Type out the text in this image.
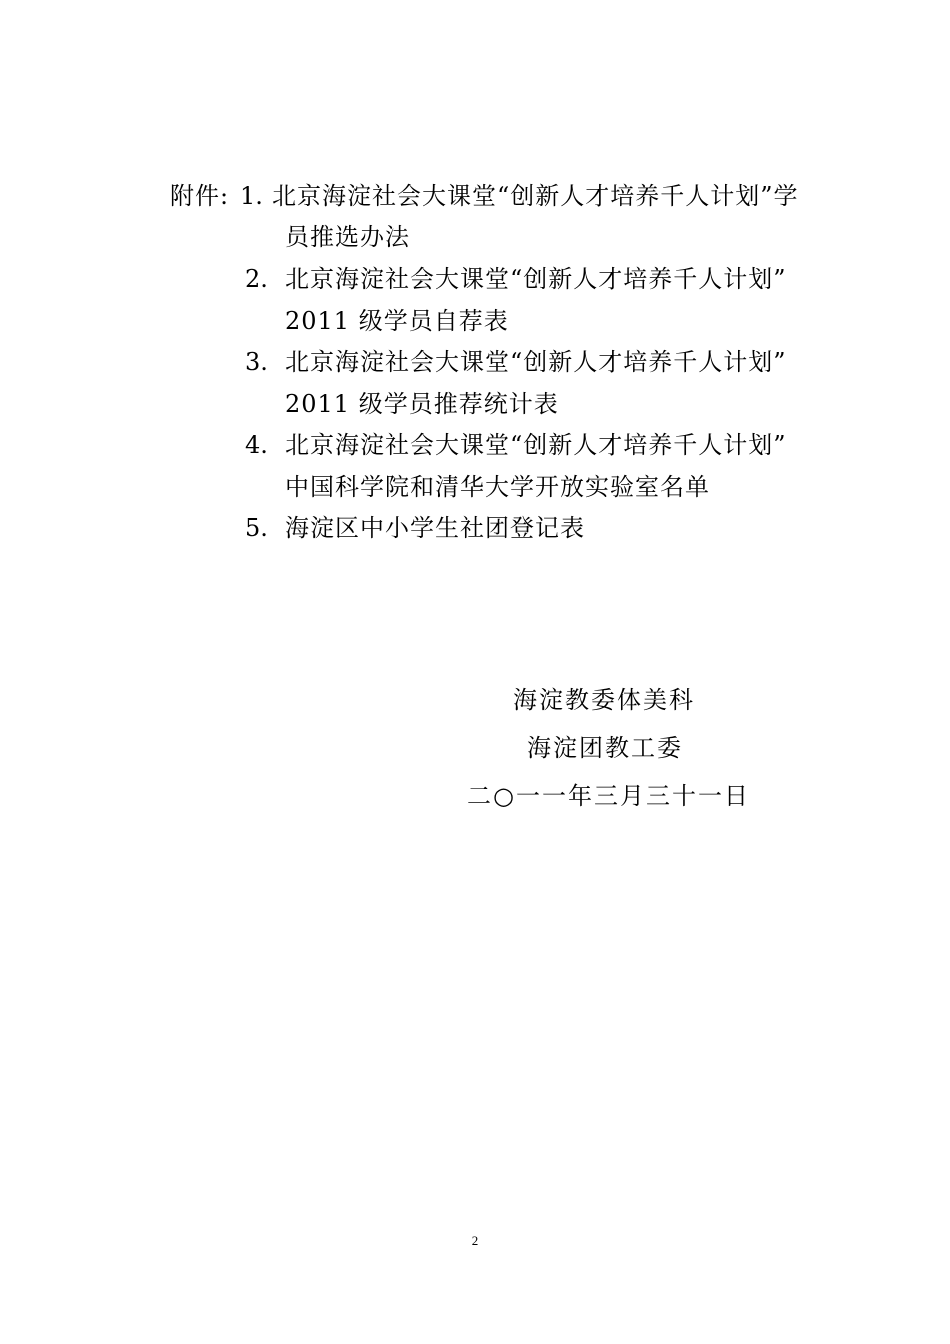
附件: 1. 北京海淀社会大课堂“创新人才培养千人计划”学
员推选办法
2. 北京海淀社会大课堂“创新人才培养千人计划”
2011 级学员自荐表
3. 北京海淀社会大课堂“创新人才培养千人计划”
2011 级学员推荐统计表
4. 北京海淀社会大课堂“创新人才培养千人计划”
中国科学院和清华大学开放实验室名单
5. 海淀区中小学生社团登记表
海淀教委体美科
海淀团教工委
二○一一年三月三十一日
2
